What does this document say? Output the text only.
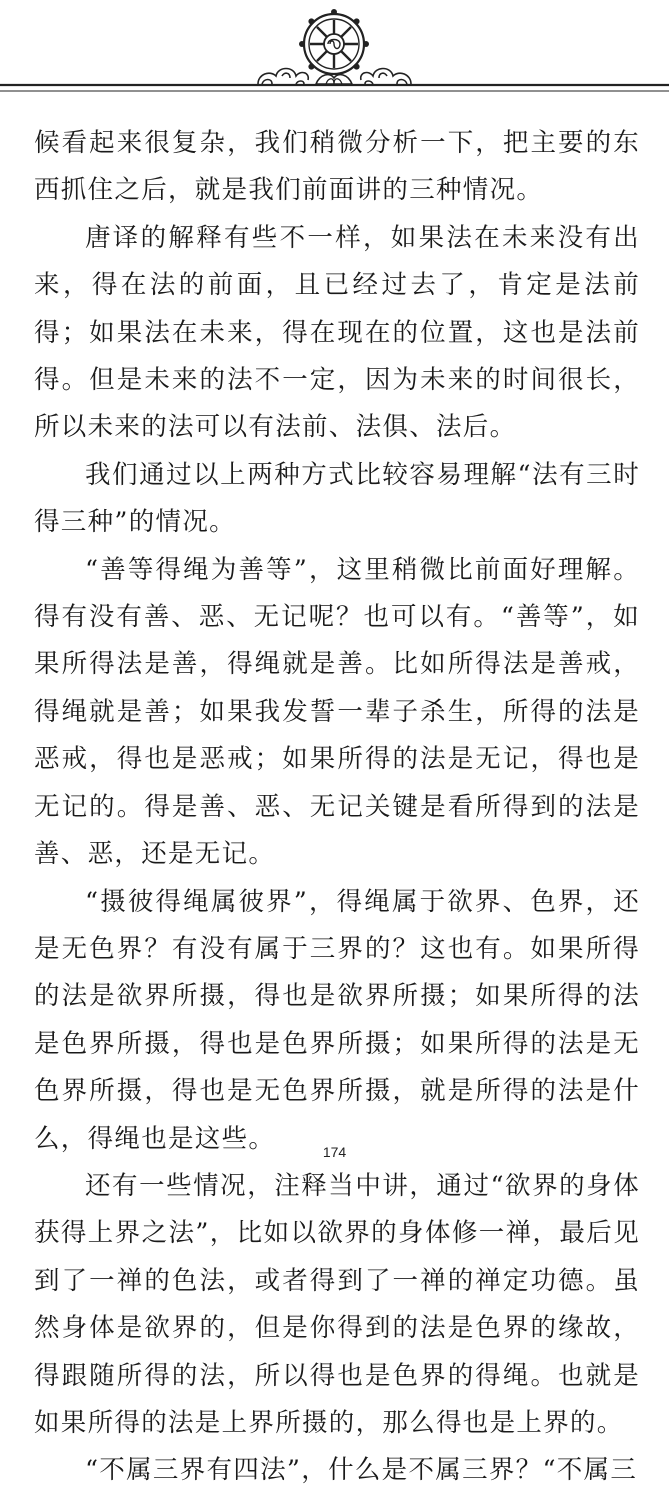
候看起来很复杂，我们稍微分析一下，把主要的东西抓住之后，就是我们前面讲的三种情况。

唐译的解释有些不一样，如果法在未来没有出来，得在法的前面，且已经过去了，肯定是法前得；如果法在未来，得在现在的位置，这也是法前得。但是未来的法不一定，因为未来的时间很长，所以未来的法可以有法前、法俱、法后。

我们通过以上两种方式比较容易理解“法有三时得三种”的情况。

“善等得绳为善等”，这里稍微比前面好理解。得有没有善、恶、无记呢？也可以有。“善等”，如果所得法是善，得绳就是善。比如所得法是善戒，得绳就是善；如果我发誓一辈子杀生，所得的法是恶戒，得也是恶戒；如果所得的法是无记，得也是无记的。得是善、恶、无记关键是看所得到的法是善、恶，还是无记。

“摄彼得绳属彼界”，得绳属于欲界、色界，还是无色界？有没有属于三界的？这也有。如果所得的法是欲界所摄，得也是欲界所摄；如果所得的法是色界所摄，得也是色界所摄；如果所得的法是无色界所摄，得也是无色界所摄，就是所得的法是什么，得绳也是这些。

还有一些情况，注释当中讲，通过“欲界的身体获得上界之法”，比如以欲界的身体修一禅，最后见到了一禅的色法，或者得到了一禅的禅定功德。虽然身体是欲界的，但是你得到的法是色界的缘故，得跟随所得的法，所以得也是色界的得绳。也就是如果所得的法是上界所摄的，那么得也是上界的。

“不属三界有四法”，什么是不属三界？“不属三

174
